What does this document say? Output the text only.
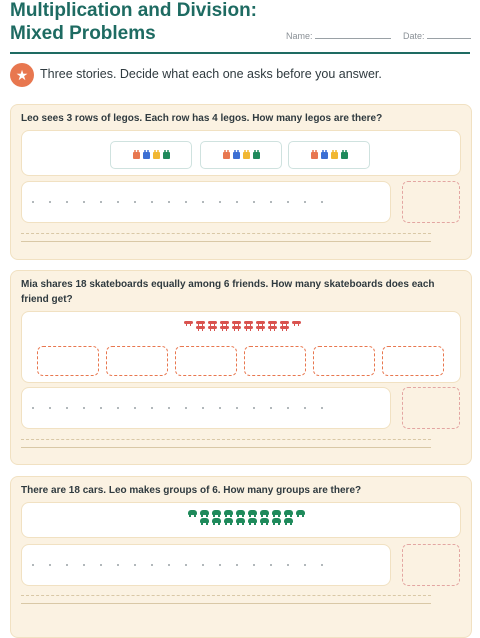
Multiplication and Division:
Mixed Problems	Name:	Date:
★ Three stories. Decide what each one asks before you answer.
Leo sees 3 rows of legos. Each row has 4 legos. How many legos are there?
Mia shares 18 skateboards equally among 6 friends. How many skateboards does each friend get?
There are 18 cars. Leo makes groups of 6. How many groups are there?
